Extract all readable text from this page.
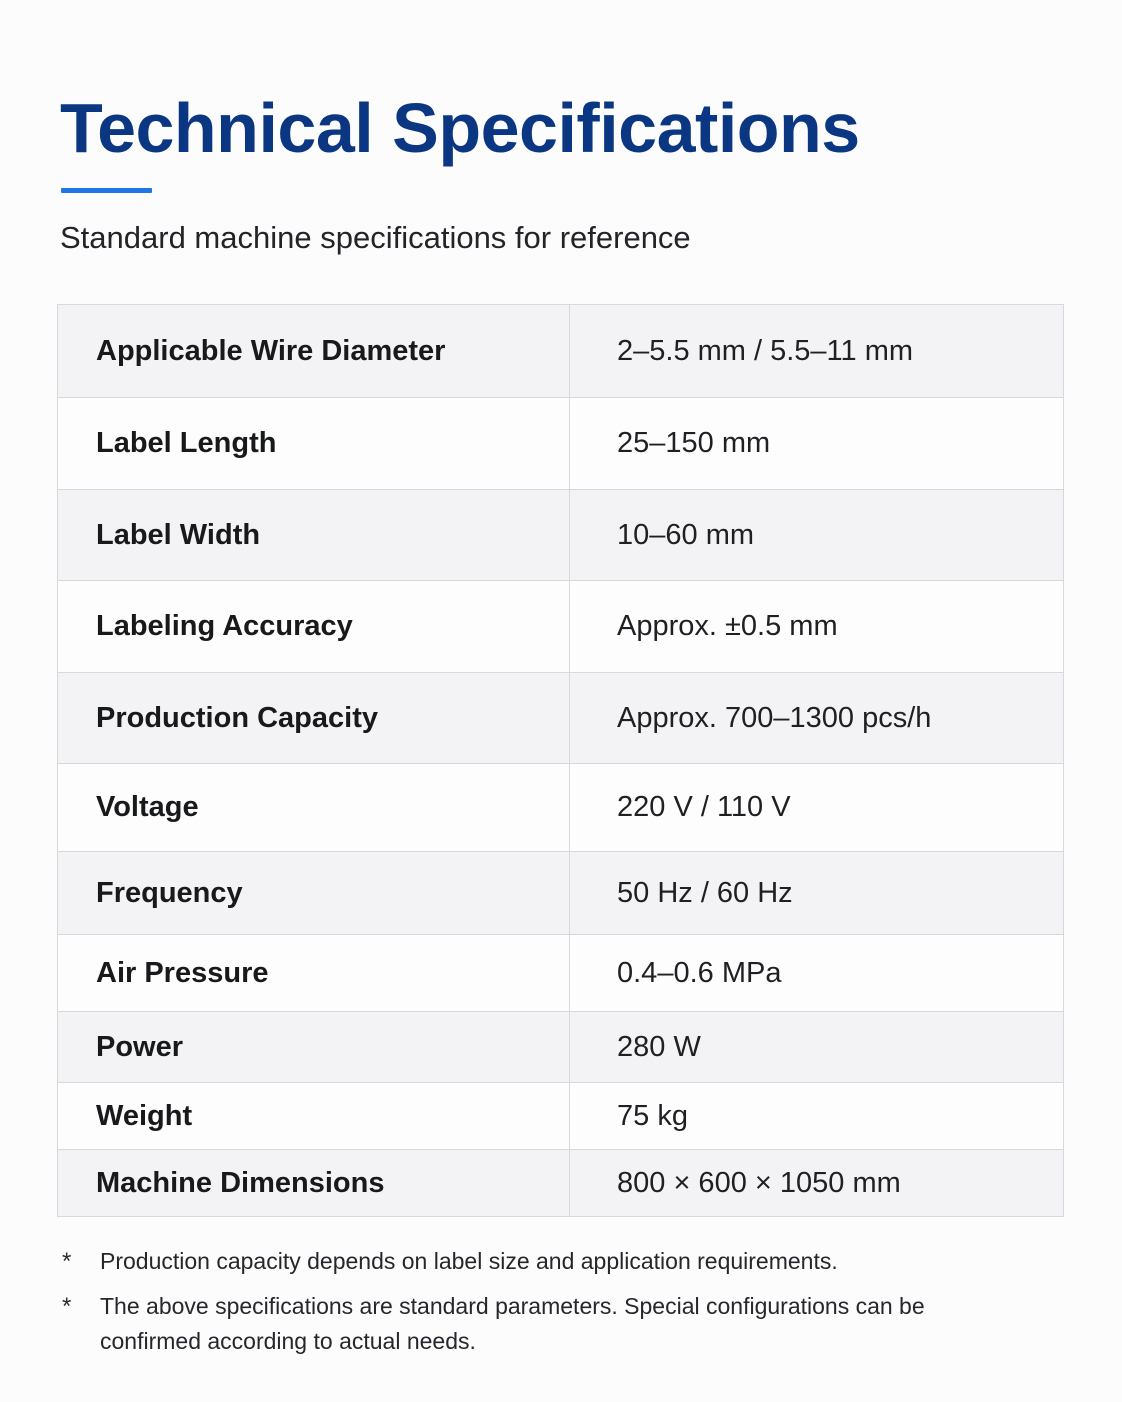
Technical Specifications

Standard machine specifications for reference

Applicable Wire Diameter	2–5.5 mm / 5.5–11 mm
Label Length	25–150 mm
Label Width	10–60 mm
Labeling Accuracy	Approx. ±0.5 mm
Production Capacity	Approx. 700–1300 pcs/h
Voltage	220 V / 110 V
Frequency	50 Hz / 60 Hz
Air Pressure	0.4–0.6 MPa
Power	280 W
Weight	75 kg
Machine Dimensions	800 × 600 × 1050 mm
*	Production capacity depends on label size and application requirements.
*	The above specifications are standard parameters. Special configurations can be confirmed according to actual needs.
